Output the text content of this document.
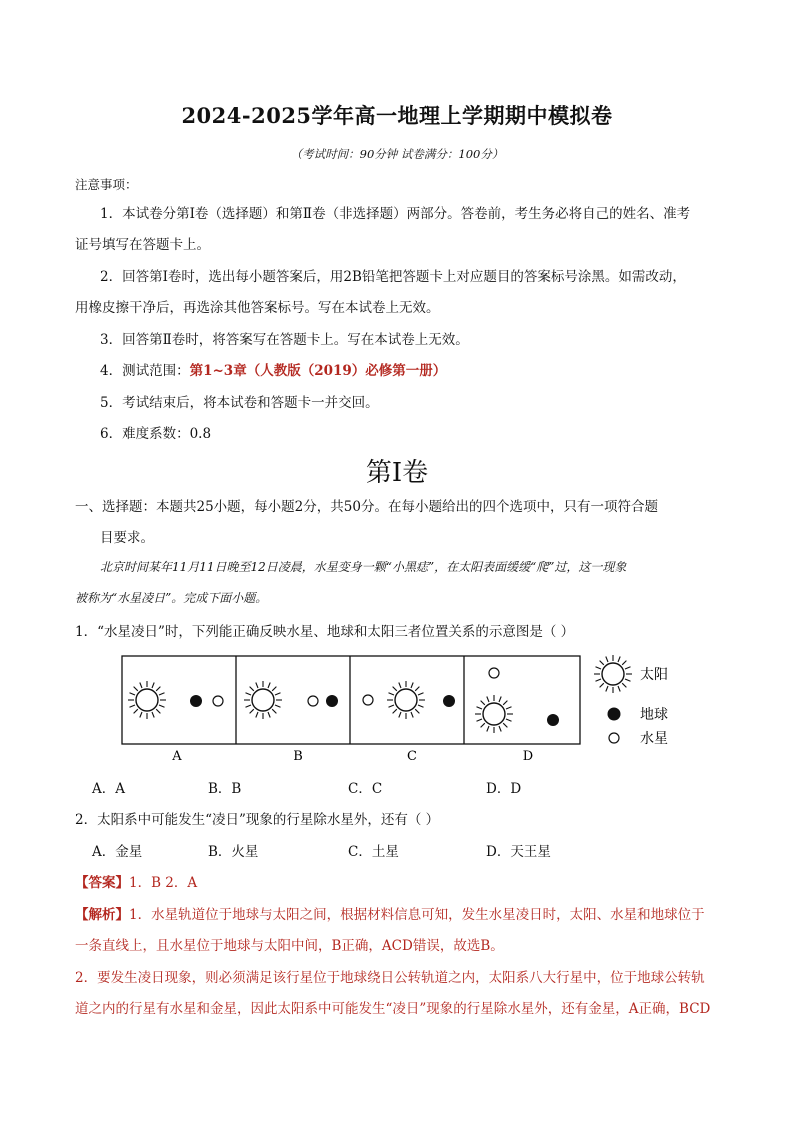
2024-2025学年高一地理上学期期中模拟卷
（考试时间：90分钟 试卷满分：100分）
注意事项：
1．本试卷分第Ⅰ卷（选择题）和第Ⅱ卷（非选择题）两部分。答卷前，考生务必将自己的姓名、准考
证号填写在答题卡上。
2．回答第Ⅰ卷时，选出每小题答案后，用2B铅笔把答题卡上对应题目的答案标号涂黑。如需改动，
用橡皮擦干净后，再选涂其他答案标号。写在本试卷上无效。
3．回答第Ⅱ卷时，将答案写在答题卡上。写在本试卷上无效。
4．测试范围：第1~3章（人教版（2019）必修第一册）
5．考试结束后，将本试卷和答题卡一并交回。
6．难度系数：0.8
第Ⅰ卷
一、选择题：本题共25小题，每小题2分，共50分。在每小题给出的四个选项中，只有一项符合题
目要求。
北京时间某年11月11日晚至12日凌晨，水星变身一颗“小黑痣”，在太阳表面缓缓“爬”过，这一现象
被称为“水星凌日”。完成下面小题。
1．“水星凌日”时，下列能正确反映水星、地球和太阳三者位置关系的示意图是（ ）
A	B	C	D
太阳
地球
水星
A．A	B．B	C．C	D．D
2．太阳系中可能发生“凌日”现象的行星除水星外，还有（ ）
A．金星	B．火星	C．土星	D．天王星
【答案】1．B 2．A
【解析】1．水星轨道位于地球与太阳之间，根据材料信息可知，发生水星凌日时，太阳、水星和地球位于
一条直线上，且水星位于地球与太阳中间，B正确，ACD错误，故选B。
2．要发生凌日现象，则必须满足该行星位于地球绕日公转轨道之内，太阳系八大行星中，位于地球公转轨
道之内的行星有水星和金星，因此太阳系中可能发生“凌日”现象的行星除水星外，还有金星，A正确，BCD
